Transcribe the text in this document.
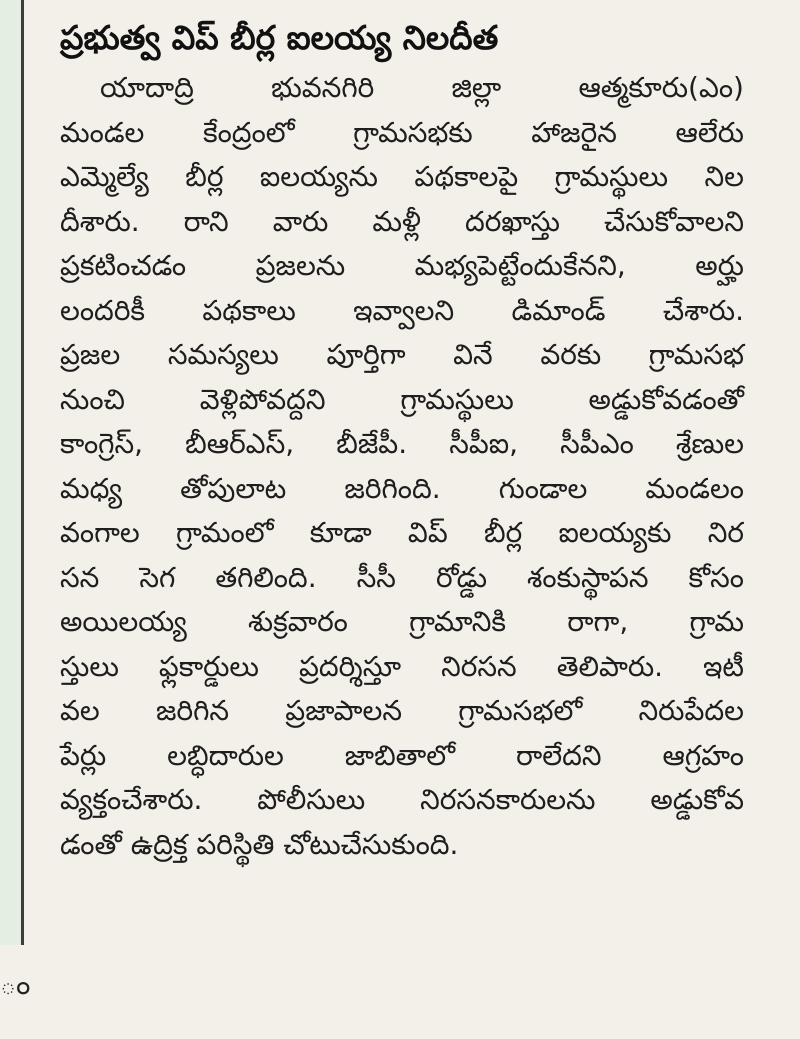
ం
ప్రభుత్వ విప్ బీర్ల ఐలయ్య నిలదీత
యాదాద్రి భువనగిరి జిల్లా ఆత్మకూరు(ఎం)
మండల కేంద్రంలో గ్రామసభకు హాజరైన ఆలేరు
ఎమ్మెల్యే బీర్ల ఐలయ్యను పథకాలపై గ్రామస్థులు నిల
దీశారు. రాని వారు మళ్లీ దరఖాస్తు చేసుకోవాలని
ప్రకటించడం ప్రజలను మభ్యపెట్టేందుకేనని, అర్హు
లందరికీ పథకాలు ఇవ్వాలని డిమాండ్ చేశారు.
ప్రజల సమస్యలు పూర్తిగా వినే వరకు గ్రామసభ
నుంచి వెళ్లిపోవద్దని గ్రామస్థులు అడ్డుకోవడంతో
కాంగ్రెస్, బీఆర్ఎస్, బీజేపీ. సీపీఐ, సీపీఎం శ్రేణుల
మధ్య తోపులాట జరిగింది. గుండాల మండలం
వంగాల గ్రామంలో కూడా విప్ బీర్ల ఐలయ్యకు నిర
సన సెగ తగిలింది. సీసీ రోడ్డు శంకుస్థాపన కోసం
అయిలయ్య శుక్రవారం గ్రామానికి రాగా, గ్రామ
స్తులు ఫ్లకార్డులు ప్రదర్శిస్తూ నిరసన తెలిపారు. ఇటీ
వల జరిగిన ప్రజాపాలన గ్రామసభలో నిరుపేదల
పేర్లు లబ్ధిదారుల జాబితాలో రాలేదని ఆగ్రహం
వ్యక్తంచేశారు. పోలీసులు నిరసనకారులను అడ్డుకోవ
డంతో ఉద్రిక్త పరిస్థితి చోటుచేసుకుంది.
